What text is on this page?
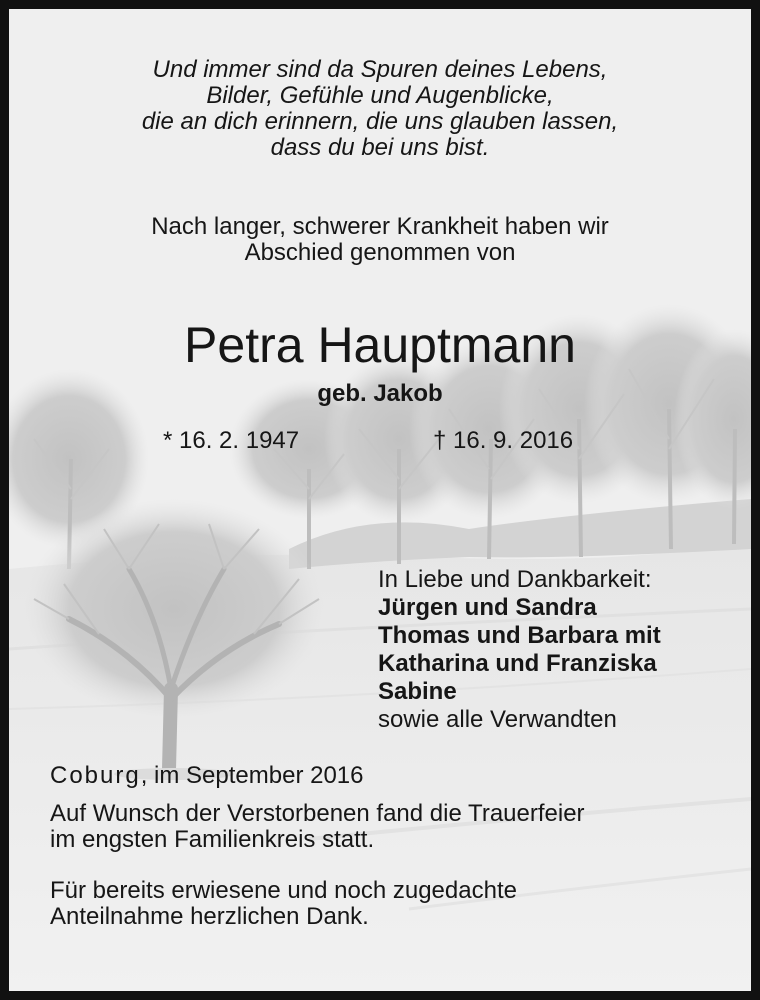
Und immer sind da Spuren deines Lebens,
Bilder, Gefühle und Augenblicke,
die an dich erinnern, die uns glauben lassen,
dass du bei uns bist.
Nach langer, schwerer Krankheit haben wir
Abschied genommen von
Petra Hauptmann
geb. Jakob
* 16. 2. 1947	† 16. 9. 2016
In Liebe und Dankbarkeit:
Jürgen und Sandra
Thomas und Barbara mit
Katharina und Franziska
Sabine
sowie alle Verwandten
Coburg, im September 2016
Auf Wunsch der Verstorbenen fand die Trauerfeier
im engsten Familienkreis statt.
Für bereits erwiesene und noch zugedachte
Anteilnahme herzlichen Dank.
